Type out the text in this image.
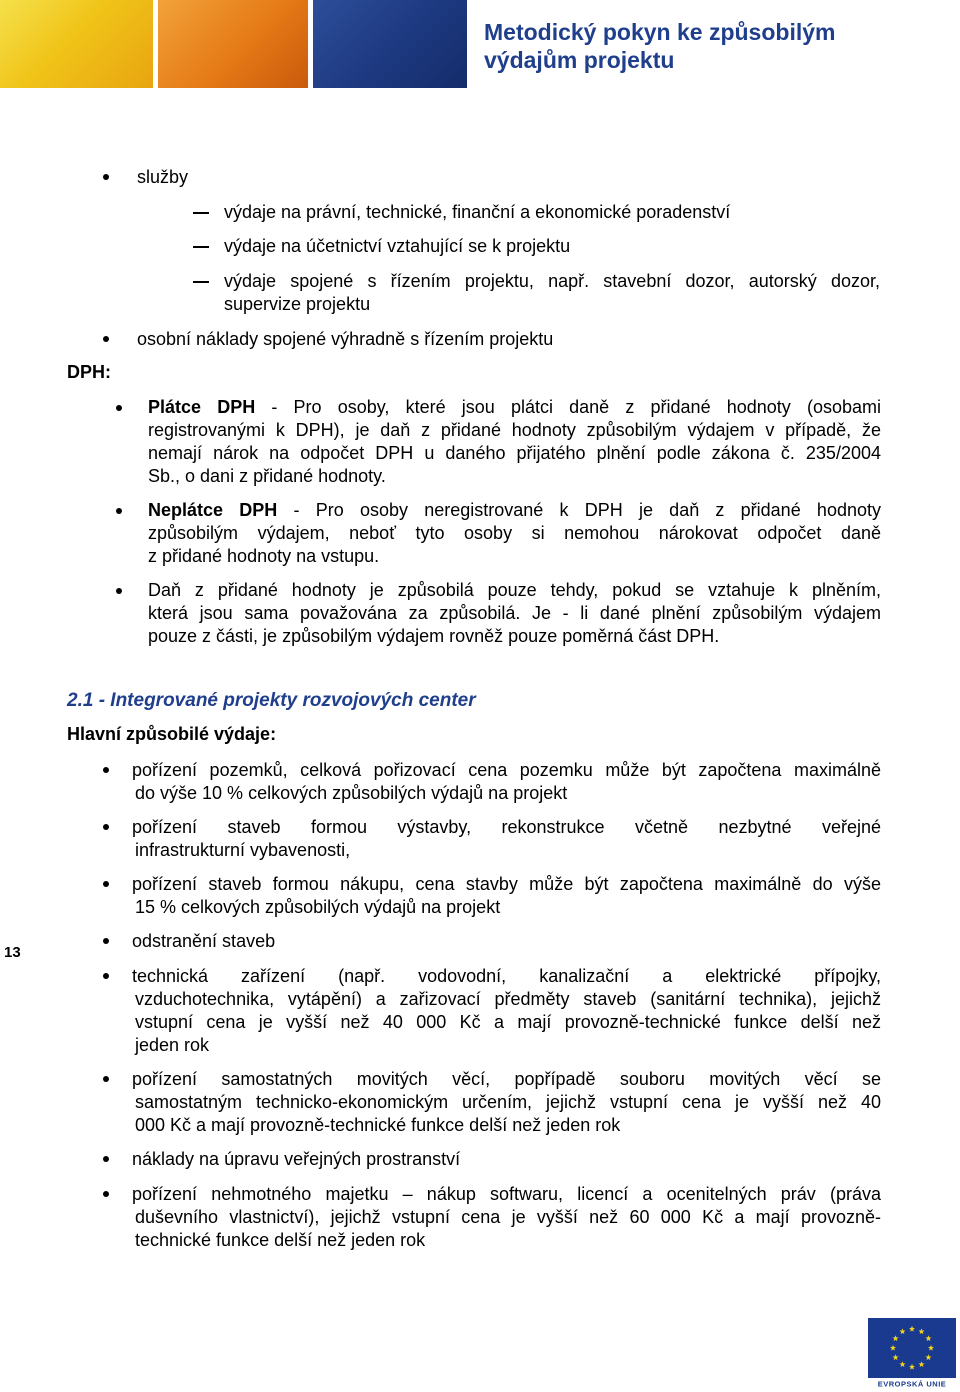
Metodický pokyn ke způsobilým
výdajům projektu
služby
výdaje na právní, technické, finanční a ekonomické poradenství
výdaje na účetnictví vztahující se k projektu
výdaje spojené s řízením projektu, např. stavební dozor, autorský dozor,
supervize projektu
osobní náklady spojené výhradně s řízením projektu
DPH:
Plátce DPH - Pro osoby, které jsou plátci daně z přidané hodnoty (osobami
registrovanými k DPH), je daň z přidané hodnoty způsobilým výdajem v případě, že
nemají nárok na odpočet DPH u daného přijatého plnění podle zákona č. 235/2004
Sb., o dani z přidané hodnoty.
Neplátce DPH - Pro osoby neregistrované k DPH je daň z přidané hodnoty
způsobilým výdajem, neboť tyto osoby si nemohou nárokovat odpočet daně
z přidané hodnoty na vstupu.
Daň z přidané hodnoty je způsobilá pouze tehdy, pokud se vztahuje k plněním,
která jsou sama považována za způsobilá. Je - li dané plnění způsobilým výdajem
pouze z části, je způsobilým výdajem rovněž pouze poměrná část DPH.
2.1 - Integrované projekty rozvojových center
Hlavní způsobilé výdaje:
pořízení pozemků, celková pořizovací cena pozemku může být započtena maximálně
do výše 10 % celkových způsobilých výdajů na projekt
pořízení staveb formou výstavby, rekonstrukce včetně nezbytné veřejné
infrastrukturní vybavenosti,
pořízení staveb formou nákupu, cena stavby může být započtena maximálně do výše
15 % celkových způsobilých výdajů na projekt
odstranění staveb
technická zařízení (např. vodovodní, kanalizační a elektrické přípojky,
vzduchotechnika, vytápění) a zařizovací předměty staveb (sanitární technika), jejichž
vstupní cena je vyšší než 40 000 Kč a mají provozně-technické funkce delší než
jeden rok
pořízení samostatných movitých věcí, popřípadě souboru movitých věcí se
samostatným technicko-ekonomickým určením, jejichž vstupní cena je vyšší než 40
000 Kč a mají provozně-technické funkce delší než jeden rok
náklady na úpravu veřejných prostranství
pořízení nehmotného majetku – nákup softwaru, licencí a ocenitelných práv (práva
duševního vlastnictví), jejichž vstupní cena je vyšší než 60 000 Kč a mají provozně-
technické funkce delší než jeden rok
13
EVROPSKÁ UNIE
